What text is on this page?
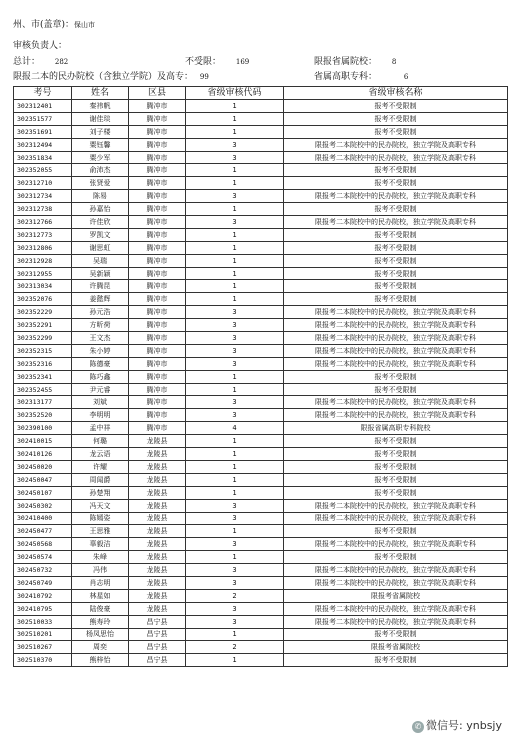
州、市(盖章)：保山市
审核负责人：
总计： 282	不受限： 169	限报省属院校： 8
限报二本的民办院校（含独立学院）及高专： 99	省属高职专科：	6
考号	姓名	区县	省级审核代码	省级审核名称
302312401	秦祎帆	腾冲市	1	报考不受限制
302351577	谢佳琰	腾冲市	1	报考不受限制
302351691	刘子楼	腾冲市	1	报考不受限制
302312494	粟钰馨	腾冲市	3	限报考二本院校中的民办院校，独立学院及高职专科
302351834	粟少军	腾冲市	3	限报考二本院校中的民办院校，独立学院及高职专科
302352055	俞沛杰	腾冲市	1	报考不受限制
302312710	张贤爱	腾冲市	1	报考不受限制
302312734	陈易	腾冲市	3	限报考二本院校中的民办院校，独立学院及高职专科
302312738	孙嘉怡	腾冲市	1	报考不受限制
302312766	许佳欣	腾冲市	3	限报考二本院校中的民办院校，独立学院及高职专科
302312773	罗凯文	腾冲市	1	报考不受限制
302312806	谢思虹	腾冲市	1	报考不受限制
302312928	吴瑞	腾冲市	1	报考不受限制
302312955	吴新颖	腾冲市	1	报考不受限制
302313034	许腾昆	腾冲市	1	报考不受限制
302352076	姜懿辉	腾冲市	1	报考不受限制
302352229	孙元浩	腾冲市	3	限报考二本院校中的民办院校，独立学院及高职专科
302352291	方昕荷	腾冲市	3	限报考二本院校中的民办院校，独立学院及高职专科
302352299	王文杰	腾冲市	3	限报考二本院校中的民办院校，独立学院及高职专科
302352315	朱小婷	腾冲市	3	限报考二本院校中的民办院校，独立学院及高职专科
302352316	陈德豪	腾冲市	3	限报考二本院校中的民办院校，独立学院及高职专科
302352341	陈巧鑫	腾冲市	1	报考不受限制
302352455	尹元睿	腾冲市	1	报考不受限制
302313177	刘斌	腾冲市	3	限报考二本院校中的民办院校，独立学院及高职专科
302352520	李明明	腾冲市	3	限报考二本院校中的民办院校，独立学院及高职专科
302390100	孟中祥	腾冲市	4	限报省属高职专科院校
302410015	何璐	龙陵县	1	报考不受限制
302410126	龙云语	龙陵县	1	报考不受限制
302450020	许耀	龙陵县	1	报考不受限制
302450047	周闻爵	龙陵县	1	报考不受限制
302450107	孙楚翔	龙陵县	1	报考不受限制
302450302	冯天文	龙陵县	3	限报考二本院校中的民办院校，独立学院及高职专科
302410400	陈嫣姿	龙陵县	3	限报考二本院校中的民办院校，独立学院及高职专科
302450477	王思雅	龙陵县	1	报考不受限制
302450568	辜毅洁	龙陵县	3	限报考二本院校中的民办院校，独立学院及高职专科
302450574	朱峰	龙陵县	1	报考不受限制
302450732	冯伟	龙陵县	3	限报考二本院校中的民办院校，独立学院及高职专科
302450749	肖志明	龙陵县	3	限报考二本院校中的民办院校，独立学院及高职专科
302410792	林星如	龙陵县	2	限报考省属院校
302410795	陆俊豪	龙陵县	3	限报考二本院校中的民办院校，独立学院及高职专科
302510033	熊寿玲	昌宁县	3	限报考二本院校中的民办院校，独立学院及高职专科
302510201	杨凤思怡	昌宁县	1	报考不受限制
302510267	周奕	昌宁县	2	限报考省属院校
302510370	熊梓怡	昌宁县	1	报考不受限制
✆ 微信号: ynbsjy
